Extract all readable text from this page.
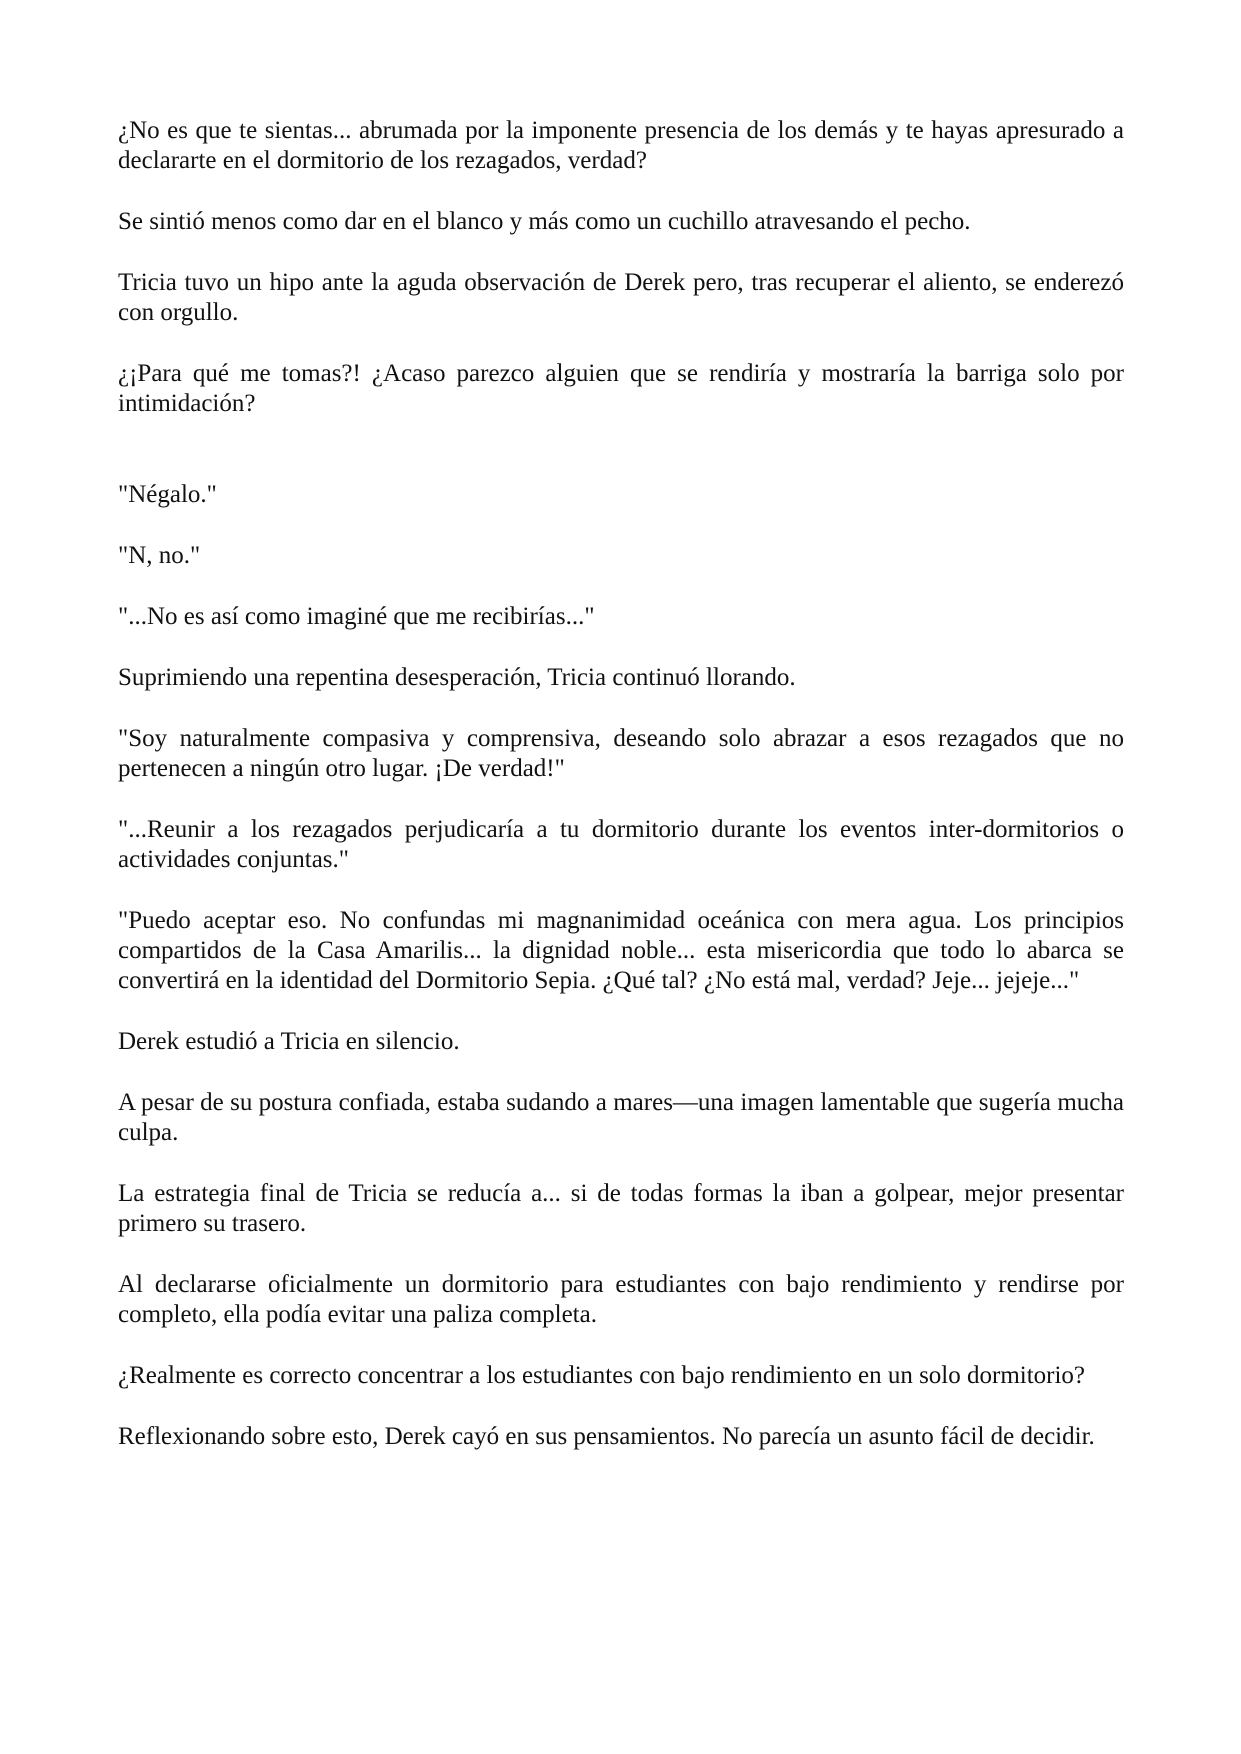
¿No es que te sientas... abrumada por la imponente presencia de los demás y te hayas apresurado a declararte en el dormitorio de los rezagados, verdad?

Se sintió menos como dar en el blanco y más como un cuchillo atravesando el pecho.

Tricia tuvo un hipo ante la aguda observación de Derek pero, tras recuperar el aliento, se enderezó con orgullo.

¿¡Para qué me tomas?! ¿Acaso parezco alguien que se rendiría y mostraría la barriga solo por intimidación?

"Négalo."

"N, no."

"...No es así como imaginé que me recibirías..."

Suprimiendo una repentina desesperación, Tricia continuó llorando.

"Soy naturalmente compasiva y comprensiva, deseando solo abrazar a esos rezagados que no pertenecen a ningún otro lugar. ¡De verdad!"

"...Reunir a los rezagados perjudicaría a tu dormitorio durante los eventos inter-dormitorios o actividades conjuntas."

"Puedo aceptar eso. No confundas mi magnanimidad oceánica con mera agua. Los principios compartidos de la Casa Amarilis... la dignidad noble... esta misericordia que todo lo abarca se convertirá en la identidad del Dormitorio Sepia. ¿Qué tal? ¿No está mal, verdad? Jeje... jejeje..."

Derek estudió a Tricia en silencio.

A pesar de su postura confiada, estaba sudando a mares—una imagen lamentable que sugería mucha culpa.

La estrategia final de Tricia se reducía a... si de todas formas la iban a golpear, mejor presentar primero su trasero.

Al declararse oficialmente un dormitorio para estudiantes con bajo rendimiento y rendirse por completo, ella podía evitar una paliza completa.

¿Realmente es correcto concentrar a los estudiantes con bajo rendimiento en un solo dormitorio?

Reflexionando sobre esto, Derek cayó en sus pensamientos. No parecía un asunto fácil de decidir.
